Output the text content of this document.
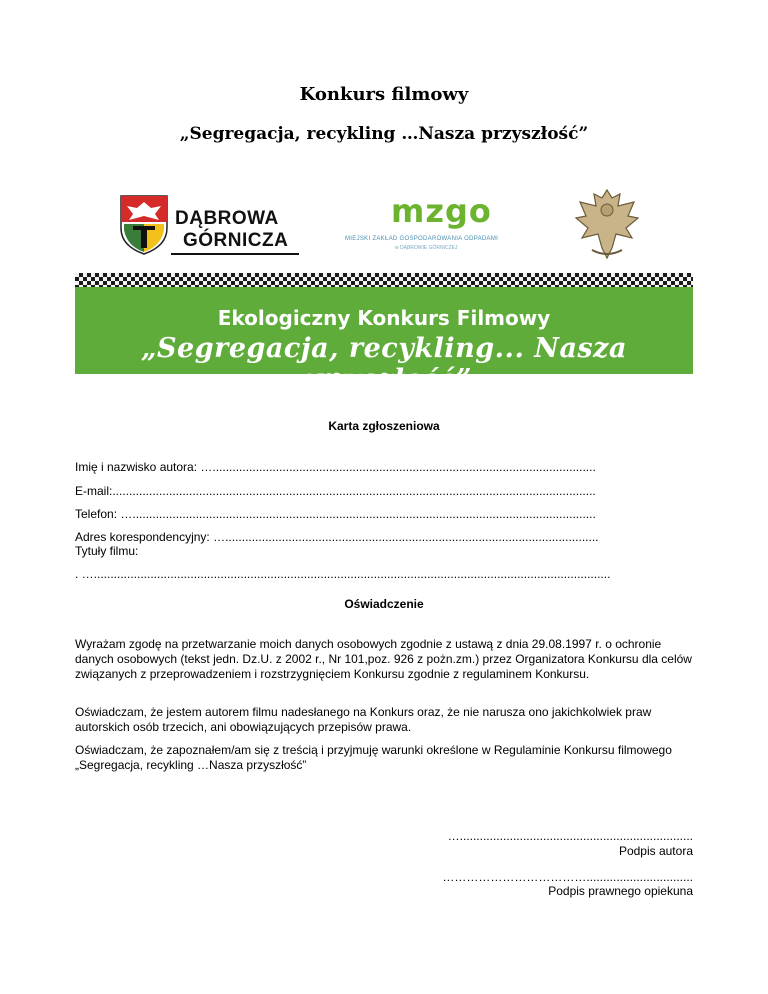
Konkurs filmowy
„Segregacja, recykling …Nasza przyszłość”
DĄBROWA
GÓRNICZA
mzgo
MIEJSKI ZAKŁAD GOSPODAROWANIA ODPADAMI
w DĄBROWIE GÓRNICZEJ
Ekologiczny Konkurs Filmowy
„Segregacja, recykling... Nasza przyszłość”
Karta zgłoszeniowa
Imię i nazwisko autora: …...................................................................................................................
E-mail:.................................................................................................................................................
Telefon: …...........................................................................................................................................
Adres korespondencyjny: …................................................................................................................
Tytuły filmu:
. …...........................................................................................................................................................
Oświadczenie
Wyrażam zgodę na przetwarzanie moich danych osobowych zgodnie z ustawą z dnia 29.08.1997 r. o ochronie danych osobowych (tekst jedn. Dz.U. z 2002 r., Nr 101,poz. 926 z pożn.zm.) przez Organizatora Konkursu dla celów związanych z przeprowadzeniem i rozstrzygnięciem Konkursu zgodnie z regulaminem Konkursu.
Oświadczam, że jestem autorem filmu nadesłanego na Konkurs oraz, że nie narusza ono jakichkolwiek praw autorskich osób trzecich, ani obowiązujących przepisów prawa.
Oświadczam, że zapoznałem/am się z treścią i przyjmuję warunki określone w Regulaminie Konkursu filmowego „Segregacja, recykling …Nasza przyszłość”
…......................................................................
Podpis autora
………………………………................................
Podpis prawnego opiekuna
